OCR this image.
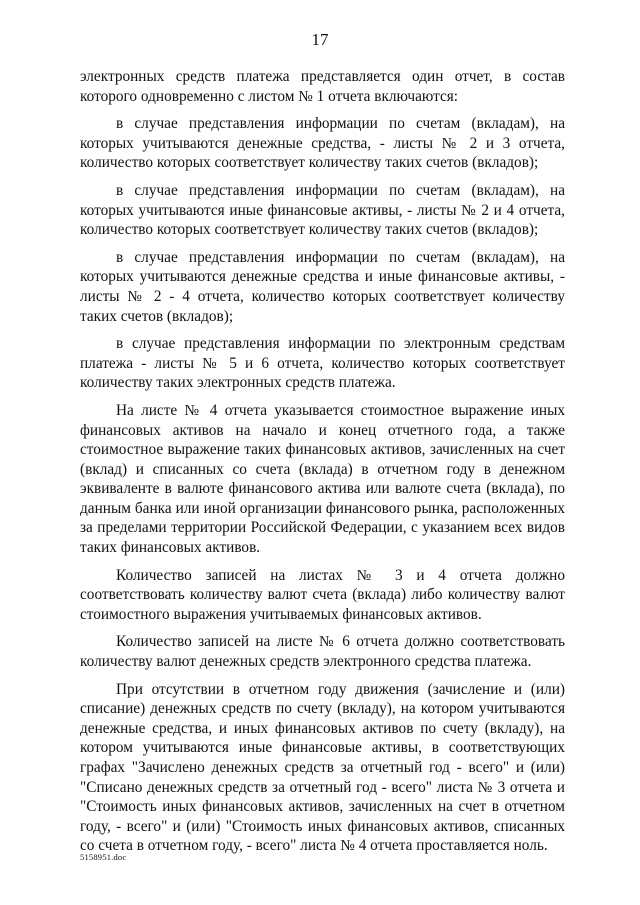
17

электронных средств платежа представляется один отчет, в состав которого одновременно с листом № 1 отчета включаются:

в случае представления информации по счетам (вкладам), на которых учитываются денежные средства, - листы № 2 и 3 отчета, количество которых соответствует количеству таких счетов (вкладов);

в случае представления информации по счетам (вкладам), на которых учитываются иные финансовые активы, - листы № 2 и 4 отчета, количество которых соответствует количеству таких счетов (вкладов);

в случае представления информации по счетам (вкладам), на которых учитываются денежные средства и иные финансовые активы, - листы № 2 - 4 отчета, количество которых соответствует количеству таких счетов (вкладов);

в случае представления информации по электронным средствам платежа - листы № 5 и 6 отчета, количество которых соответствует количеству таких электронных средств платежа.

На листе № 4 отчета указывается стоимостное выражение иных финансовых активов на начало и конец отчетного года, а также стоимостное выражение таких финансовых активов, зачисленных на счет (вклад) и списанных со счета (вклада) в отчетном году в денежном эквиваленте в валюте финансового актива или валюте счета (вклада), по данным банка или иной организации финансового рынка, расположенных за пределами территории Российской Федерации, с указанием всех видов таких финансовых активов.

Количество записей на листах № 3 и 4 отчета должно соответствовать количеству валют счета (вклада) либо количеству валют стоимостного выражения учитываемых финансовых активов.

Количество записей на листе № 6 отчета должно соответствовать количеству валют денежных средств электронного средства платежа.

При отсутствии в отчетном году движения (зачисление и (или) списание) денежных средств по счету (вкладу), на котором учитываются денежные средства, и иных финансовых активов по счету (вкладу), на котором учитываются иные финансовые активы, в соответствующих графах "Зачислено денежных средств за отчетный год - всего" и (или) "Списано денежных средств за отчетный год - всего" листа № 3 отчета и "Стоимость иных финансовых активов, зачисленных на счет в отчетном году, - всего" и (или) "Стоимость иных финансовых активов, списанных со счета в отчетном году, - всего" листа № 4 отчета проставляется ноль.

5158951.doc
